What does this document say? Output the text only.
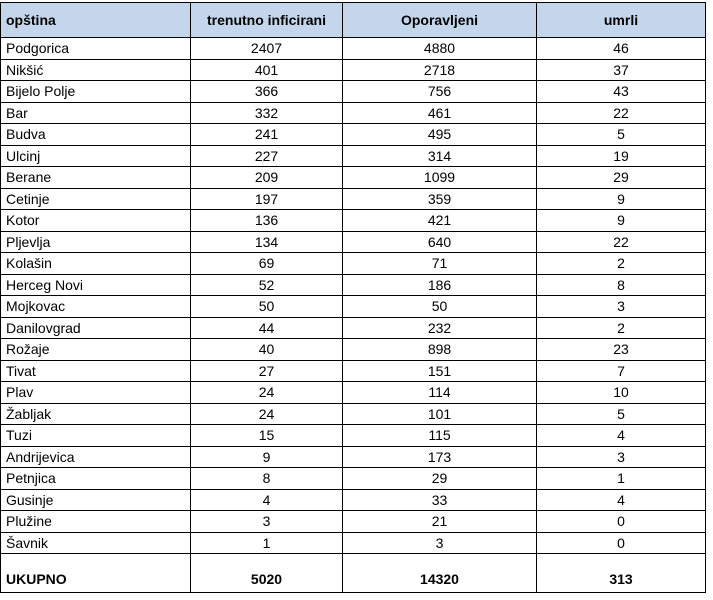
opština	trenutno inficirani	Oporavljeni	umrli
Podgorica	2407	4880	46
Nikšić	401	2718	37
Bijelo Polje	366	756	43
Bar	332	461	22
Budva	241	495	5
Ulcinj	227	314	19
Berane	209	1099	29
Cetinje	197	359	9
Kotor	136	421	9
Pljevlja	134	640	22
Kolašin	69	71	2
Herceg Novi	52	186	8
Mojkovac	50	50	3
Danilovgrad	44	232	2
Rožaje	40	898	23
Tivat	27	151	7
Plav	24	114	10
Žabljak	24	101	5
Tuzi	15	115	4
Andrijevica	9	173	3
Petnjica	8	29	1
Gusinje	4	33	4
Plužine	3	21	0
Šavnik	1	3	0

UKUPNO	5020	14320	313
